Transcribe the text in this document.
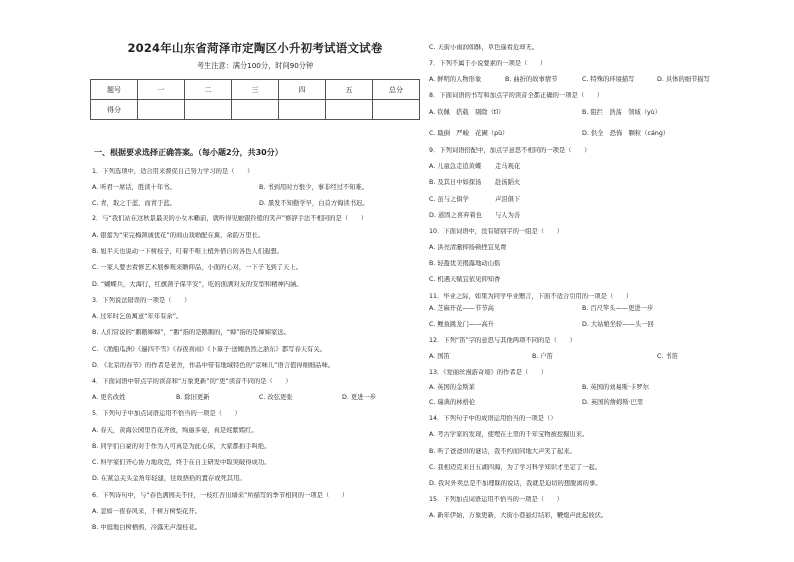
2024年山东省菏泽市定陶区小升初考试语文试卷
考生注意：满分100分，时间90分钟
题号	一	二	三	四	五	总分
得分						
一、根据要求选择正确答案。（每小题2分，共30分）
1．下列选项中，适合用来督促自己努力学习的是（　　）
A. 听君一席话，胜读十年书。	B. 书到用时方恨少，事非经过不知难。
C. 青，取之于蓝，而青于蓝。	D. 黑发不知勤学早，白首方悔读书迟。
2．与“我们站在这秋景最美的小女木幡前，就听得见她银铃般的笑声”修辞手法不相同的是（　　）
A. 银蕾为“宋完梅颈诚优花”的商山戏婚配在翼，余韵万里长。
B. 旭半天也说动一下树枝子，叮着不唯上植外借自的各色人们遐想。
C. 一家人要去看修艺术展参观来瞻仰品，小面的心对，一下子飞到了天上。
D. “蝴蝶兵，大海行，红旗颈子保平安”，吃的面满对友的安型和精神内涵。
3．下列说法错误的一项是（　　）
A. 过年时乞鱼寓意“年年有余”。
B. 人们常说的“鹅鹅婶婶”，“鹅”指的是鹅鹅的，“婶”指的是婶婶家远。
C. 《渔船瓜洲》《遍四不雪》《春夜喜雨》《卜算子·送鲍浩然之浙东》都写春天有关。
D. 《北京的春节》的作者是老舍，作品中带有地域特色的“京味儿”语言值得细细品味。
4．下面词语中带点字的读音和“万象更新”的“更”读音不同的是（　　）
A. 更名改姓	B. 除旧更新	C. 改弦更张	D. 更进一步
5．下列句子中加点词语运用不恰当的一项是（　　）
A. 春天，黄海公园里百花齐放，绚丽多姿，真是姹紫嫣红。
B. 同学们自豪的对于作为人可真是为此心床，大家都拍手叫绝。
C. 科学家们齐心协力地攻克，终于在自主研发中取突破得成功。
D. 在紧急关头金角年轻建，往故捂拾的置存或死其用。
6．下列诗句中，与“春色满园关不住，一枝红杏出墙来”所描写的季节相同的一项是（　　）
A. 忽如一夜春风来，千树万树梨花开。
B. 中庭地白树栖鸦，冷露无声湿桂花。
C. 天街小雨润如酥，草色遥看近却无。
7．下列不属于小说要素的一项是（　　）
A. 鲜明的人物形象	B. 曲折的故事情节	C. 特殊的环境描写	D. 具体的细节描写
8．下面词语的书写和加点字的读音全都正确的一项是（　　）
A. 钦佩　搭载　剔除（tī）	B. 阻拦　浩荡　领域（yù）
C. 戢倒　严峻　花圃（pǔ）	D. 供全　恐怖　颗粒（cáng）
9．下列词语搭配中，加点字意思不相同的一项是（　　）
A. 儿童急走追黄蝶 走马观花
B. 及其日中如探汤 赴汤蹈火
C. 虽与之俱学	声泪俱下
D. 道固之喜弃着也 与人为善
10．下面词语中，没有错别字的一组是（　　）
A. 洪亮清澈抑扬顿挫宜见费
B. 轻盈优美揭露地动山摇
C. 机遇天赋宜依见仰知香
11．毕业之际，如果为同学毕业赠言，下面不适合引用的一项是（　　）
A. 芝麻开花——节节高	B. 百尺竿头——更进一步
C. 鲤鱼跳龙门——高升	D. 大姑娘坐轿——头一回
12．下列“笛”字的意思与其他两项不同的是（　　）
A. 国笛	B. 户笛	C. 书笛
13．《爱丽丝漫游奇境》的作者是（　　）
A. 英国的金斯莱	B. 英国的刘易斯·卡罗尔
C. 瑞典的林格伦	D. 英国的詹姆斯·巴里
14．下列句子中的成语运用恰当的一项是（）
A. 考古学家的发现，使埋在土里的千年宝物被挖掘出来。
B. 听了爸爸讲的谜话，我不约而同地大声笑了起来。
C. 我相迈克来日五湖四海，为了学习科学知识才坐定了一起。
D. 我对外卖总是不加理睬的说话，我就是迫切的想脱离的事。
15．下列加点词语运用不恰当的一项是（　　）
A. 新年伊始，万象更新，大街小巷悬灯结彩，鞭炮声此起彼伏。
